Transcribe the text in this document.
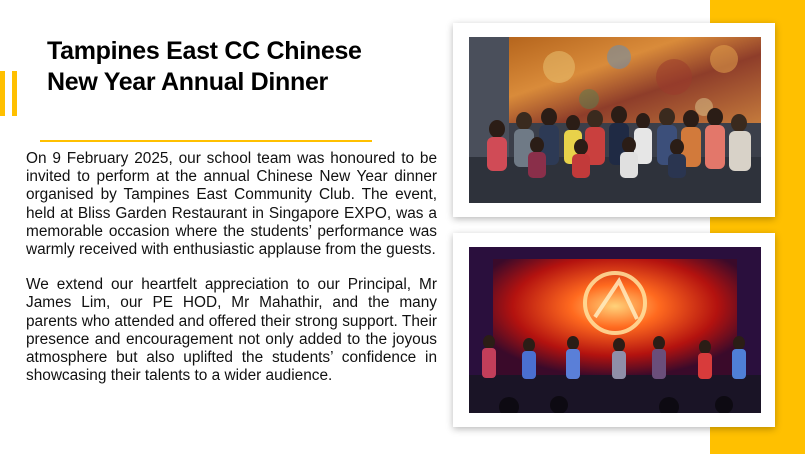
Tampines East CC Chinese New Year Annual Dinner

On 9 February 2025, our school team was honoured to be invited to perform at the annual Chinese New Year dinner organised by Tampines East Community Club. The event, held at Bliss Garden Restaurant in Singapore EXPO, was a memorable occasion where the students’ performance was warmly received with enthusiastic applause from the guests.

We extend our heartfelt appreciation to our Principal, Mr James Lim, our PE HOD, Mr Mahathir, and the many parents who attended and offered their strong support. Their presence and encouragement not only added to the joyous atmosphere but also uplifted the students’ confidence in showcasing their talents to a wider audience.
